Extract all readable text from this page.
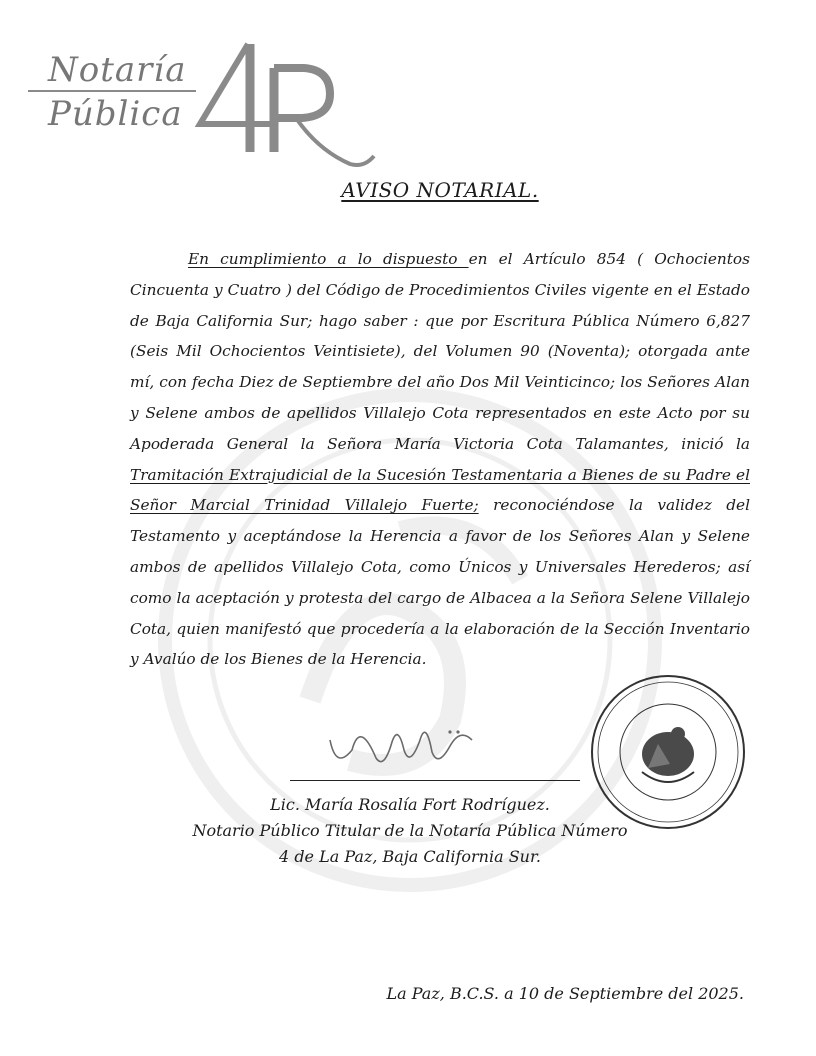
Notaría
Pública
AVISO NOTARIAL.
En cumplimiento a lo dispuesto en el Artículo 854 ( Ochocientos Cincuenta y Cuatro ) del Código de Procedimientos Civiles vigente en el Estado de Baja California Sur; hago saber : que por Escritura Pública Número 6,827 (Seis Mil Ochocientos Veintisiete), del Volumen 90 (Noventa); otorgada ante mí, con fecha Diez de Septiembre del año Dos Mil Veinticinco; los Señores Alan y Selene ambos de apellidos Villalejo Cota representados en este Acto por su Apoderada General la Señora María Victoria Cota Talamantes, inició la Tramitación Extrajudicial de la Sucesión Testamentaria a Bienes de su Padre el Señor Marcial Trinidad Villalejo Fuerte; reconociéndose la validez del Testamento y aceptándose la Herencia a favor de los Señores Alan y Selene ambos de apellidos Villalejo Cota, como Únicos y Universales Herederos; así como la aceptación y protesta del cargo de Albacea a la Señora Selene Villalejo Cota, quien manifestó que procedería a la elaboración de la Sección Inventario y Avalúo de los Bienes de la Herencia.
Lic. María Rosalía Fort Rodríguez.
Notario Público Titular de la Notaría Pública Número
4 de La Paz, Baja California Sur.
La Paz, B.C.S. a 10 de Septiembre del 2025.
